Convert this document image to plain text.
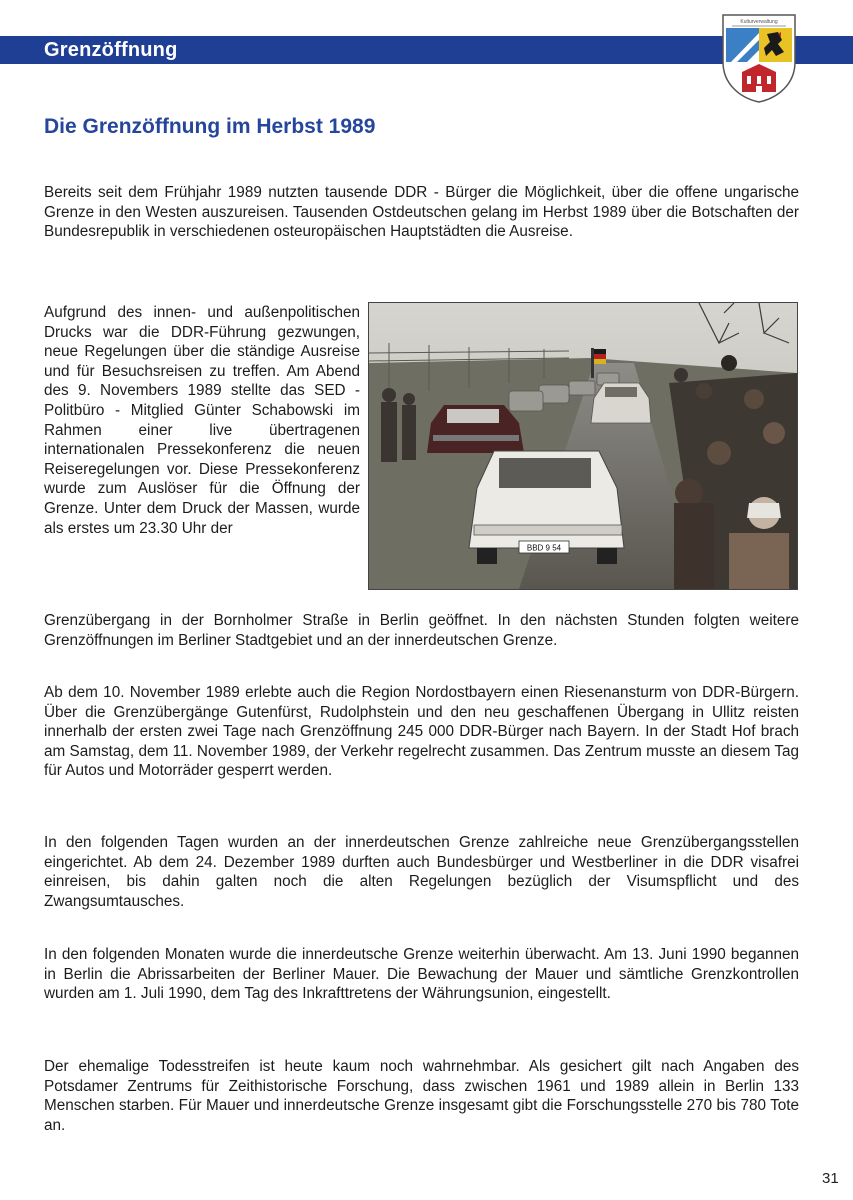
Grenzöffnung
Kulturverwaltung
Die Grenzöffnung im Herbst 1989

Bereits seit dem Frühjahr 1989 nutzten tausende DDR - Bürger die Möglichkeit, über die offene ungarische Grenze in den Westen auszureisen. Tausenden Ostdeutschen gelang im Herbst 1989 über die Botschaften der Bundesrepublik in verschiedenen osteuropäischen Hauptstädten die Ausreise.

Aufgrund des innen- und außenpolitischen Drucks war die DDR-Führung gezwungen, neue Regelungen über die ständige Ausreise und für Besuchsreisen zu treffen. Am Abend des 9. Novembers 1989 stellte das SED - Politbüro - Mitglied Günter Schabowski im Rahmen einer live übertragenen internationalen Pressekonferenz die neuen Reiseregelungen vor. Diese Pressekonferenz wurde zum Auslöser für die Öffnung der Grenze. Unter dem Druck der Massen, wurde als erstes um 23.30 Uhr der

BBD 9 54

Grenzübergang in der Bornholmer Straße in Berlin geöffnet. In den nächsten Stunden folgten weitere Grenzöffnungen im Berliner Stadtgebiet und an der innerdeutschen Grenze.

Ab dem 10. November 1989 erlebte auch die Region Nordostbayern einen Riesenansturm von DDR-Bürgern. Über die Grenzübergänge Gutenfürst, Rudolphstein und den neu geschaffenen Übergang in Ullitz reisten innerhalb der ersten zwei Tage nach Grenzöffnung 245 000 DDR-Bürger nach Bayern. In der Stadt Hof brach am Samstag, dem 11. November 1989, der Verkehr regelrecht zusammen. Das Zentrum musste an diesem Tag für Autos und Motorräder gesperrt werden.

In den folgenden Tagen wurden an der innerdeutschen Grenze zahlreiche neue Grenzübergangsstellen eingerichtet. Ab dem 24. Dezember 1989 durften auch Bundesbürger und Westberliner in die DDR visafrei einreisen, bis dahin galten noch die alten Regelungen bezüglich der Visumspflicht und des Zwangsumtausches.

In den folgenden Monaten wurde die innerdeutsche Grenze weiterhin überwacht. Am 13. Juni 1990 begannen in Berlin die Abrissarbeiten der Berliner Mauer. Die Bewachung der Mauer und sämtliche Grenzkontrollen wurden am 1. Juli 1990, dem Tag des Inkrafttretens der Währungsunion, eingestellt.

Der ehemalige Todesstreifen ist heute kaum noch wahrnehmbar. Als gesichert gilt nach Angaben des Potsdamer Zentrums für Zeithistorische Forschung, dass zwischen 1961 und 1989 allein in Berlin 133 Menschen starben. Für Mauer und innerdeutsche Grenze insgesamt gibt die Forschungsstelle 270 bis 780 Tote an.

31
